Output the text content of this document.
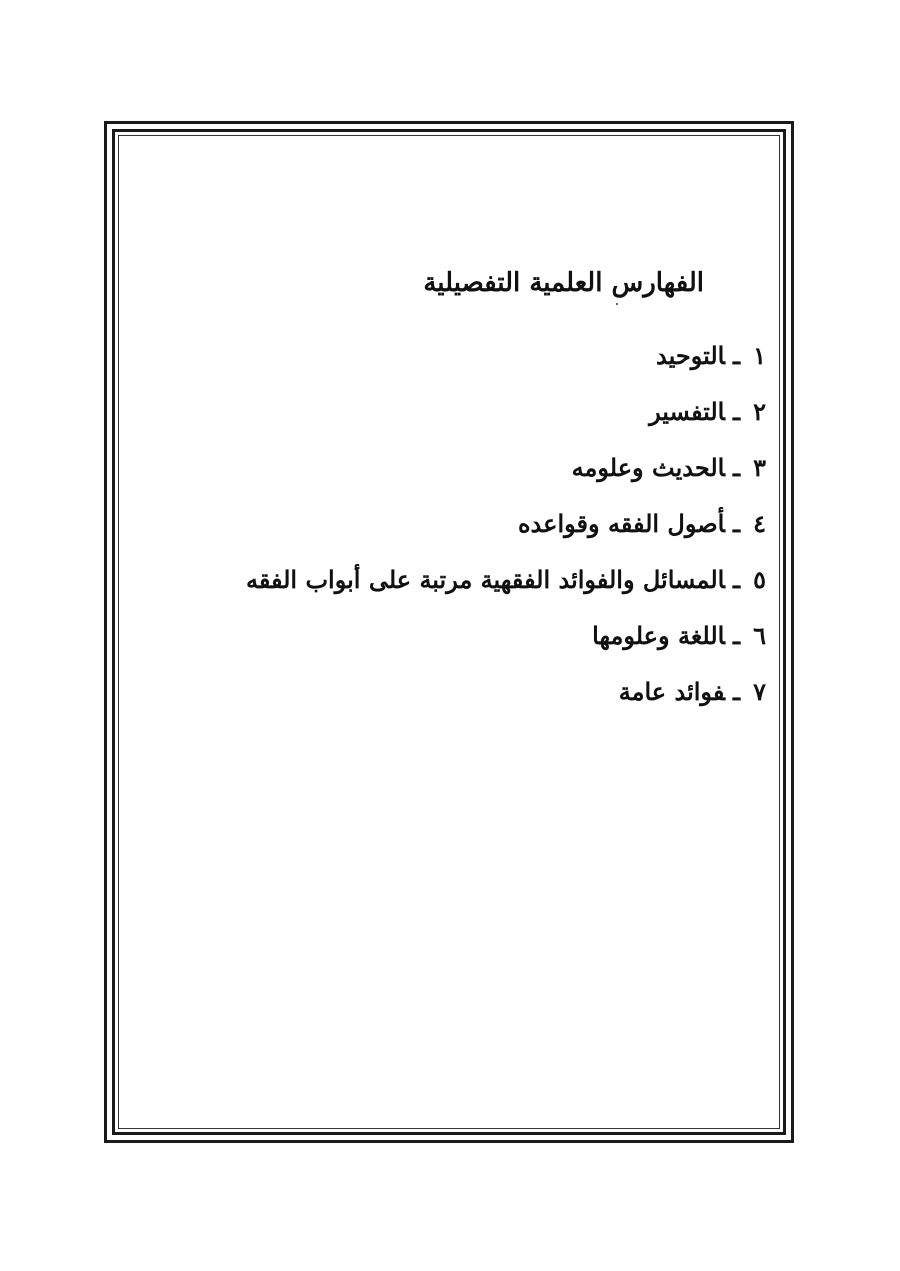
الفهارس العلمية التفصيلية
١ـالتوحيد
٢ـالتفسير
٣ـالحديث وعلومه
٤ـأصول الفقه وقواعده
٥ـالمسائل والفوائد الفقهية مرتبة على أبواب الفقه
٦ـاللغة وعلومها
٧ـفوائد عامة
